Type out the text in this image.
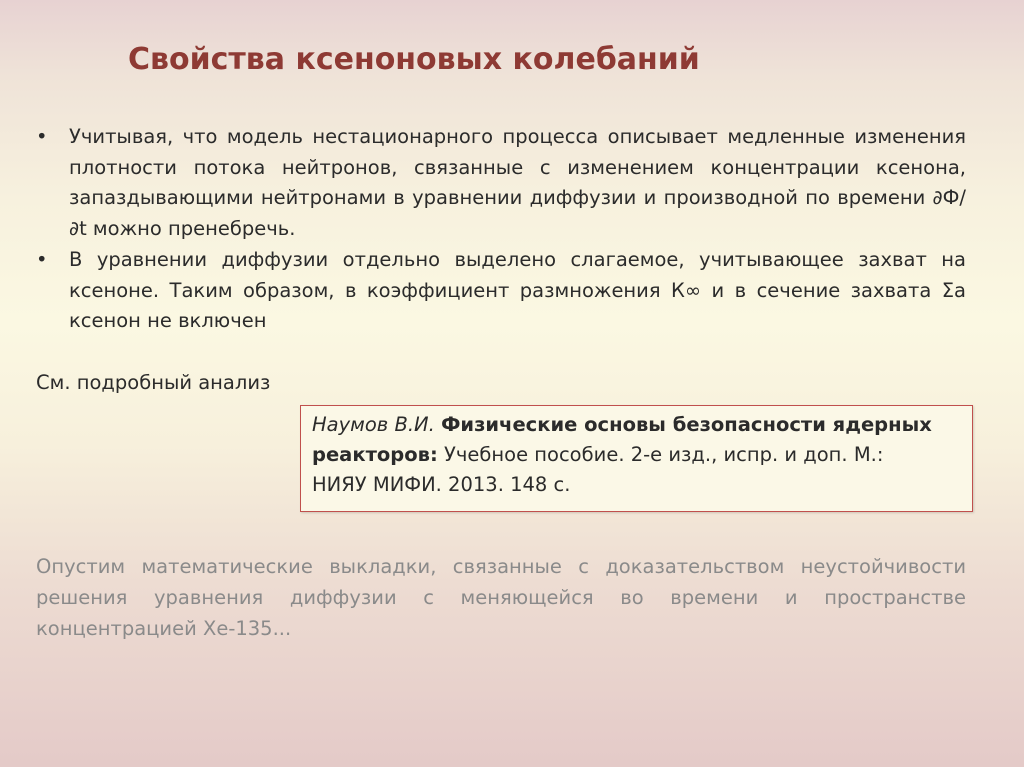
Свойства ксеноновых колебаний
• Учитывая, что модель нестационарного процесса описывает медленные изменения плотности потока нейтронов, связанные с изменением концентрации ксенона, запаздывающими нейтронами в уравнении диффузии и производной по времени ∂Ф/∂t можно пренебречь.
• В уравнении диффузии отдельно выделено слагаемое, учитывающее захват на ксеноне. Таким образом, в коэффициент размножения К∞ и в сечение захвата Σа ксенон не включен
См. подробный анализ
Наумов В.И. Физические основы безопасности ядерных
реакторов: Учебное пособие. 2-е изд., испр. и доп. М.:
НИЯУ МИФИ. 2013. 148 с.
Опустим математические выкладки, связанные с доказательством неустойчивости решения уравнения диффузии с меняющейся во времени и пространстве концентрацией Хе-135...
